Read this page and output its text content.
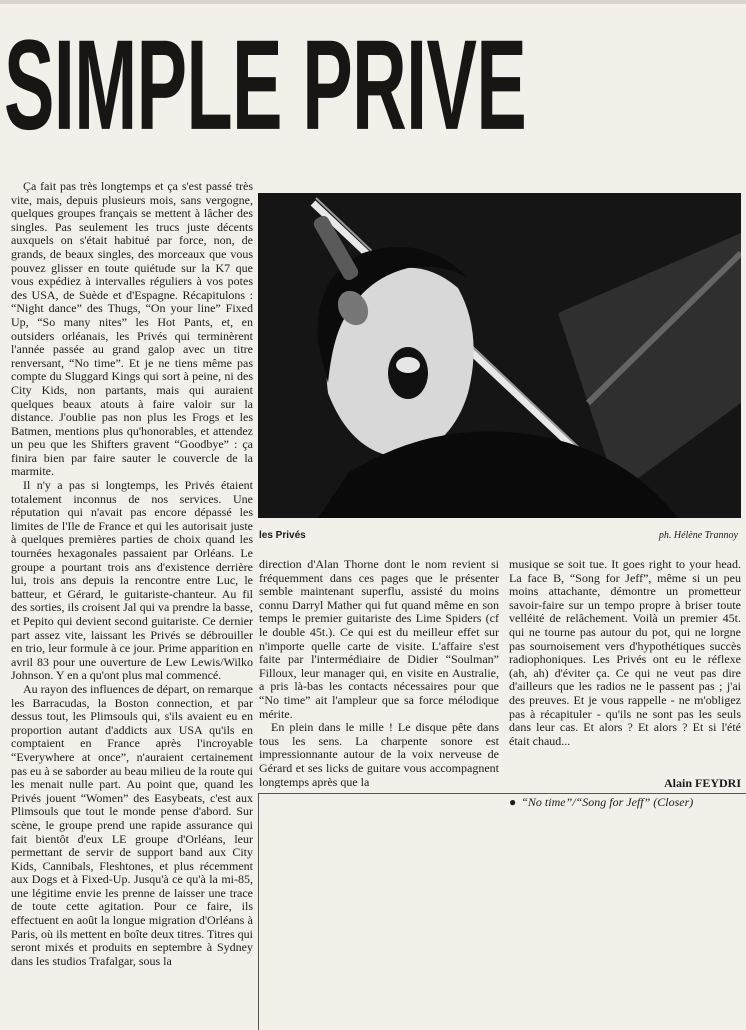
SIMPLE PRIVE

Ça fait pas très longtemps et ça s'est passé très vite, mais, depuis plusieurs mois, sans vergogne, quelques groupes français se mettent à lâcher des singles. Pas seulement les trucs juste décents auxquels on s'était habitué par force, non, de grands, de beaux singles, des morceaux que vous pouvez glisser en toute quiétude sur la K7 que vous expédiez à intervalles réguliers à vos potes des USA, de Suède et d'Espagne. Récapitulons : “Night dance” des Thugs, “On your line” Fixed Up, “So many nites” les Hot Pants, et, en outsiders orléanais, les Privés qui terminèrent l'année passée au grand galop avec un titre renversant, “No time”. Et je ne tiens même pas compte du Sluggard Kings qui sort à peine, ni des City Kids, non partants, mais qui auraient quelques beaux atouts à faire valoir sur la distance. J'oublie pas non plus les Frogs et les Batmen, mentions plus qu'honorables, et attendez un peu que les Shifters gravent “Goodbye” : ça finira bien par faire sauter le couvercle de la marmite.

Il n'y a pas si longtemps, les Privés étaient totalement inconnus de nos services. Une réputation qui n'avait pas encore dépassé les limites de l'Ile de France et qui les autorisait juste à quelques premières parties de choix quand les tournées hexagonales passaient par Orléans. Le groupe a pourtant trois ans d'existence derrière lui, trois ans depuis la rencontre entre Luc, le batteur, et Gérard, le guitariste-chanteur. Au fil des sorties, ils croisent Jal qui va prendre la basse, et Pepito qui devient second guitariste. Ce dernier part assez vite, laissant les Privés se débrouiller en trio, leur formule à ce jour. Prime apparition en avril 83 pour une ouverture de Lew Lewis/Wilko Johnson. Y en a qu'ont plus mal commencé.

Au rayon des influences de départ, on remarque les Barracudas, la Boston connection, et par dessus tout, les Plimsouls qui, s'ils avaient eu en proportion autant d'addicts aux USA qu'ils en comptaient en France après l'incroyable “Everywhere at once”, n'auraient certainement pas eu à se saborder au beau milieu de la route qui les menait nulle part. Au point que, quand les Privés jouent “Women” des Easybeats, c'est aux Plimsouls que tout le monde pense d'abord. Sur scène, le groupe prend une rapide assurance qui fait bientôt d'eux LE groupe d'Orléans, leur permettant de servir de support band aux City Kids, Cannibals, Fleshtones, et plus récemment aux Dogs et à Fixed-Up. Jusqu'à ce qu'à la mi-85, une légitime envie les prenne de laisser une trace de toute cette agitation. Pour ce faire, ils effectuent en août la longue migration d'Orléans à Paris, où ils mettent en boîte deux titres. Titres qui seront mixés et produits en septembre à Sydney dans les studios Trafalgar, sous la

les Privés	ph. Hélène Trannoy

direction d'Alan Thorne dont le nom revient si fréquemment dans ces pages que le présenter semble maintenant superflu, assisté du moins connu Darryl Mather qui fut quand même en son temps le premier guitariste des Lime Spiders (cf le double 45t.). Ce qui est du meilleur effet sur n'importe quelle carte de visite. L'affaire s'est faite par l'intermédiaire de Didier “Soulman” Filloux, leur manager qui, en visite en Australie, a pris là-bas les contacts nécessaires pour que “No time” ait l'ampleur que sa force mélodique mérite.

En plein dans le mille ! Le disque pête dans tous les sens. La charpente sonore est impressionnante autour de la voix nerveuse de Gérard et ses licks de guitare vous accompagnent longtemps après que la

musique se soit tue. It goes right to your head. La face B, “Song for Jeff”, même si un peu moins attachante, démontre un prometteur savoir-faire sur un tempo propre à briser toute velléité de relâchement. Voilà un premier 45t. qui ne tourne pas autour du pot, qui ne lorgne pas sournoisement vers d'hypothétiques succès radiophoniques. Les Privés ont eu le réflexe (ah, ah) d'éviter ça. Ce qui ne veut pas dire d'ailleurs que les radios ne le passent pas ; j'ai des preuves. Et je vous rappelle - ne m'obligez pas à récapituler - qu'ils ne sont pas les seuls dans leur cas. Et alors ? Et alors ? Et si l'été était chaud...

Alain FEYDRI
● “No time”/“Song for Jeff” (Closer)
